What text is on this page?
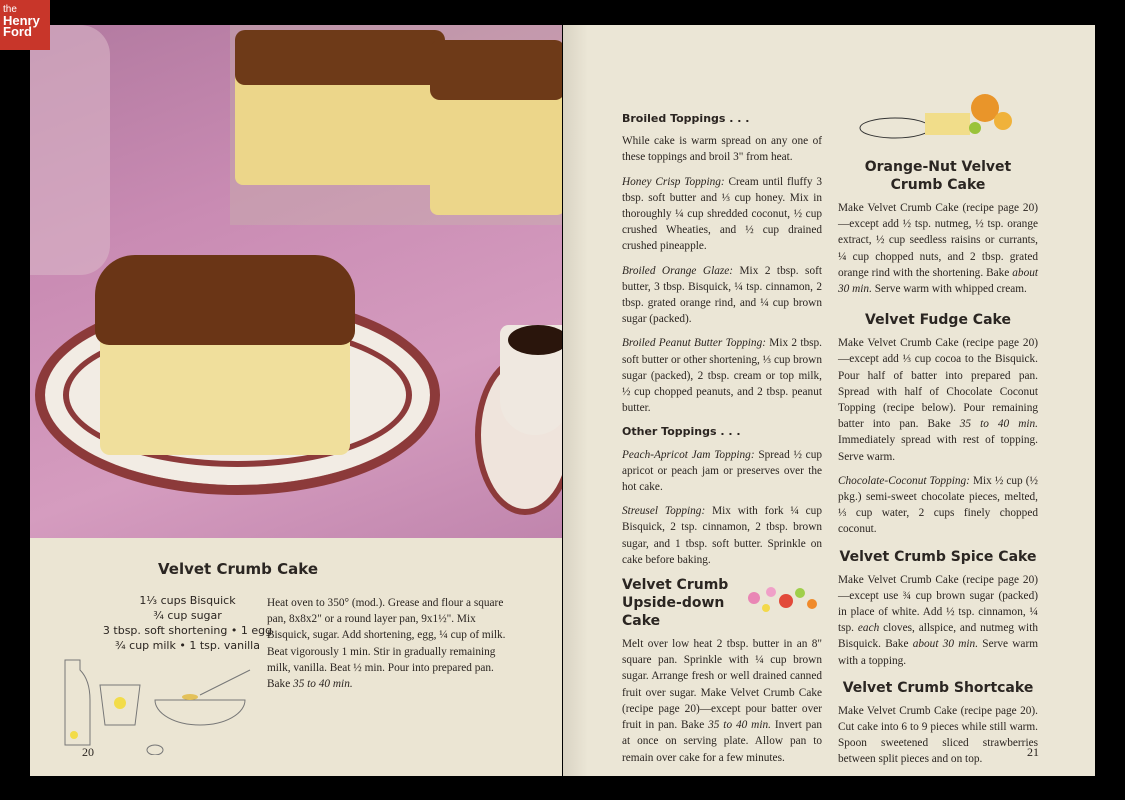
the
Henry
Ford
Velvet Crumb Cake
1⅓ cups Bisquick
¾ cup sugar
3 tbsp. soft shortening • 1 egg
¾ cup milk • 1 tsp. vanilla
Heat oven to 350° (mod.). Grease and flour a square pan, 8x8x2" or a round layer pan, 9x1½". Mix Bisquick, sugar. Add shortening, egg, ¼ cup of milk. Beat vigorously 1 min. Stir in gradually remaining milk, vanilla. Beat ½ min. Pour into prepared pan.
Bake 35 to 40 min.
20
Broiled Toppings . . .

While cake is warm spread on any one of these toppings and broil 3" from heat.

Honey Crisp Topping: Cream until fluffy 3 tbsp. soft butter and ⅓ cup honey. Mix in thoroughly ¼ cup shredded coconut, ½ cup crushed Wheaties, and ½ cup drained crushed pineapple.

Broiled Orange Glaze: Mix 2 tbsp. soft butter, 3 tbsp. Bisquick, ¼ tsp. cinnamon, 2 tbsp. grated orange rind, and ¼ cup brown sugar (packed).

Broiled Peanut Butter Topping: Mix 2 tbsp. soft butter or other shortening, ⅓ cup brown sugar (packed), 2 tbsp. cream or top milk, ½ cup chopped peanuts, and 2 tbsp. peanut butter.

Other Toppings . . .

Peach-Apricot Jam Topping: Spread ½ cup apricot or peach jam or preserves over the hot cake.

Streusel Topping: Mix with fork ¼ cup Bisquick, 2 tsp. cinnamon, 2 tbsp. brown sugar, and 1 tbsp. soft butter. Sprinkle on cake before baking.

Velvet Crumb Upside-down Cake

Melt over low heat 2 tbsp. butter in an 8" square pan. Sprinkle with ¼ cup brown sugar. Arrange fresh or well drained canned fruit over sugar. Make Velvet Crumb Cake (recipe page 20)—except pour batter over fruit in pan. Bake 35 to 40 min. Invert pan at once on serving plate. Allow pan to remain over cake for a few minutes.

Orange-Nut Velvet Crumb Cake

Make Velvet Crumb Cake (recipe page 20)—except add ½ tsp. nutmeg, ½ tsp. orange extract, ½ cup seedless raisins or currants, ¼ cup chopped nuts, and 2 tbsp. grated orange rind with the shortening. Bake about 30 min. Serve warm with whipped cream.

Velvet Fudge Cake

Make Velvet Crumb Cake (recipe page 20)—except add ⅓ cup cocoa to the Bisquick. Pour half of batter into prepared pan. Spread with half of Chocolate Coconut Topping (recipe below). Pour remaining batter into pan. Bake 35 to 40 min. Immediately spread with rest of topping. Serve warm.

Chocolate-Coconut Topping: Mix ½ cup (½ pkg.) semi-sweet chocolate pieces, melted, ⅓ cup water, 2 cups finely chopped coconut.

Velvet Crumb Spice Cake

Make Velvet Crumb Cake (recipe page 20)—except use ¾ cup brown sugar (packed) in place of white. Add ½ tsp. cinnamon, ¼ tsp. each cloves, allspice, and nutmeg with Bisquick. Bake about 30 min. Serve warm with a topping.

Velvet Crumb Shortcake

Make Velvet Crumb Cake (recipe page 20). Cut cake into 6 to 9 pieces while still warm. Spoon sweetened sliced strawberries between split pieces and on top.

21
